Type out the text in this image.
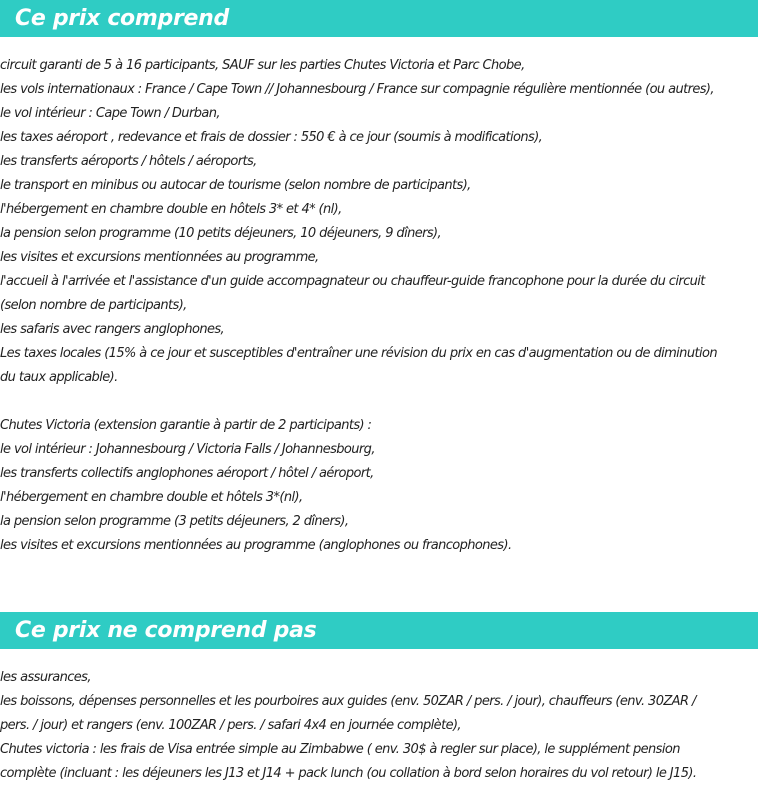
Ce prix comprend
circuit garanti de 5 à 16 participants, SAUF sur les parties Chutes Victoria et Parc Chobe,
les vols internationaux : France / Cape Town // Johannesbourg / France sur compagnie régulière mentionnée (ou autres),
le vol intérieur : Cape Town / Durban,
les taxes aéroport , redevance et frais de dossier : 550 € à ce jour (soumis à modifications),
les transferts aéroports / hôtels / aéroports,
le transport en minibus ou autocar de tourisme (selon nombre de participants),
l'hébergement en chambre double en hôtels 3* et 4* (nl),
la pension selon programme (10 petits déjeuners, 10 déjeuners, 9 dîners),
les visites et excursions mentionnées au programme,
l'accueil à l'arrivée et l'assistance d'un guide accompagnateur ou chauffeur-guide francophone pour la durée du circuit
(selon nombre de participants),
les safaris avec rangers anglophones,
Les taxes locales (15% à ce jour et susceptibles d'entraîner une révision du prix en cas d'augmentation ou de diminution
du taux applicable).
Chutes Victoria (extension garantie à partir de 2 participants) :
le vol intérieur : Johannesbourg / Victoria Falls / Johannesbourg,
les transferts collectifs anglophones aéroport / hôtel / aéroport,
l'hébergement en chambre double et hôtels 3*(nl),
la pension selon programme (3 petits déjeuners, 2 dîners),
les visites et excursions mentionnées au programme (anglophones ou francophones).
Ce prix ne comprend pas
les assurances,
les boissons, dépenses personnelles et les pourboires aux guides (env. 50ZAR / pers. / jour), chauffeurs (env. 30ZAR /
pers. / jour) et rangers (env. 100ZAR / pers. / safari 4x4 en journée complète),
Chutes victoria : les frais de Visa entrée simple au Zimbabwe ( env. 30$ à regler sur place), le supplément pension
complète (incluant : les déjeuners les J13 et J14 + pack lunch (ou collation à bord selon horaires du vol retour) le J15).
